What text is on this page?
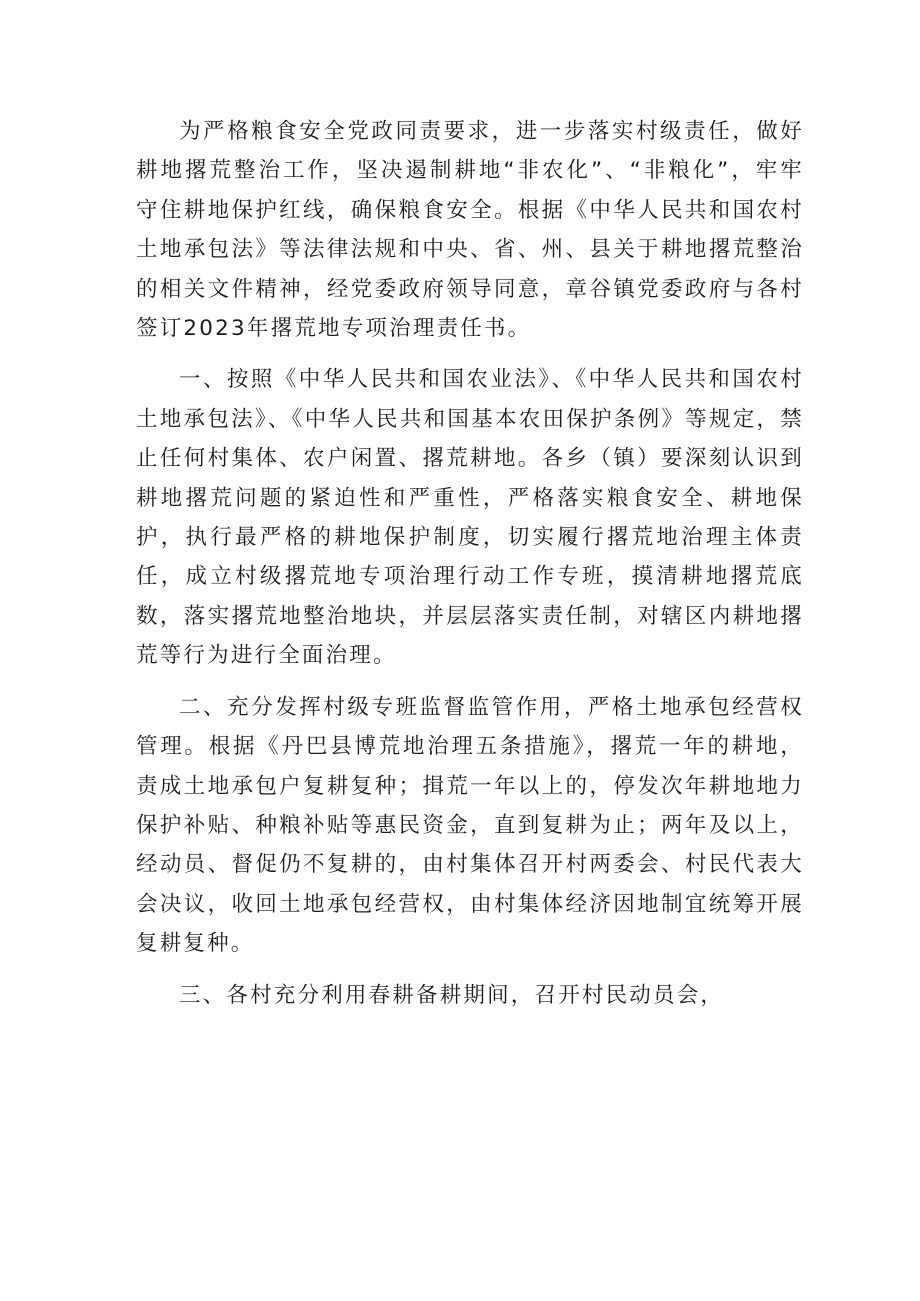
为严格粮食安全党政同责要求，进一步落实村级责任，做好耕地撂荒整治工作，坚决遏制耕地“非农化”、“非粮化”，牢牢守住耕地保护红线，确保粮食安全。根据《中华人民共和国农村土地承包法》等法律法规和中央、省、州、县关于耕地撂荒整治的相关文件精神，经党委政府领导同意，章谷镇党委政府与各村签订2023年撂荒地专项治理责任书。

一、按照《中华人民共和国农业法》、《中华人民共和国农村土地承包法》、《中华人民共和国基本农田保护条例》等规定，禁止任何村集体、农户闲置、撂荒耕地。各乡（镇）要深刻认识到耕地撂荒问题的紧迫性和严重性，严格落实粮食安全、耕地保护，执行最严格的耕地保护制度，切实履行撂荒地治理主体责任，成立村级撂荒地专项治理行动工作专班，摸清耕地撂荒底数，落实撂荒地整治地块，并层层落实责任制，对辖区内耕地撂荒等行为进行全面治理。

二、充分发挥村级专班监督监管作用，严格土地承包经营权管理。根据《丹巴县博荒地治理五条措施》，撂荒一年的耕地，责成土地承包户复耕复种；揖荒一年以上的，停发次年耕地地力保护补贴、种粮补贴等惠民资金，直到复耕为止；两年及以上，经动员、督促仍不复耕的，由村集体召开村两委会、村民代表大会决议，收回土地承包经营权，由村集体经济因地制宜统筹开展复耕复种。

三、各村充分利用春耕备耕期间，召开村民动员会，
